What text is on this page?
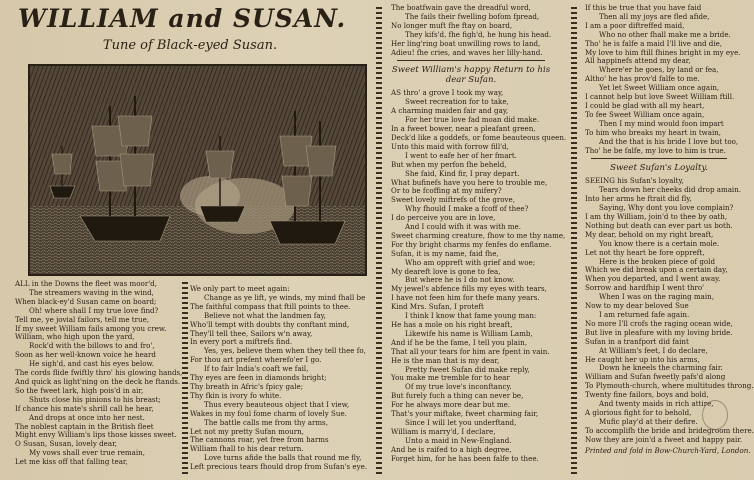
WILLIAM and SUSAN.
Tune of Black-eyed Susan.

ALL in the Downs the fleet was moor'd,

The streamers waving in the wind,

When black-ey'd Susan came on board;

Oh! where shall I my true love find?

Tell me, ye jovial failors, tell me true,

If my sweet William fails among you crew.

William, who high upon the yard,

Rock'd with the billows to and fro',

Soon as her well-known voice he heard

He sigh'd, and cast his eyes below.

The cords flide fwiftly thro' his glowing hands,

And quick as light'ning on the deck he ftands.

So the fweet lark, high pois'd in air,

Shuts close his pinions to his breast;

If chance his mate's shrill call he hear,

And drops at once into her nest.

The noblest captain in the British fleet

Might envy William's lips those kisses sweet.

O Susan, Susan, lovely dear,

My vows shall ever true remain,

Let me kiss off that falling tear,

We only part to meet again:

Change as ye lift, ye winds, my mind fhall be

The faithful compass that ftill points to thee.

Believe not what the landmen fay,

Who'll tempt with doubts thy conftant mind,

They'll tell thee, Sailors w'n away,

In every port a miftrefs find.

Yes, yes, believe them when they tell thee fo,

For thou art prefent wherefo'er I go.

If to fair India's coaft we fail,

Thy eyes are feen in diamonds bright;

Thy breath in Afric's fpicy gale;

Thy fkin is ivory fo white.

Thus every beauteous object that I view,

Wakes in my foul fome charm of lovely Sue.

The battle calls me from thy arms,

Let not my pretty Sufan mourn,

The cannons roar, yet free from harms

William fhall to his dear return.

Love turns afide the balls that round me fly,

Left precious tears fhould drop from Sufan's eye.

The boatfwain gave the dreadful word,

The fails their fwelling bofom fpread,

No longer muft fhe ftay on board,

They kifs'd, fhe figh'd, he hung his head.

Her ling'ring boat unwilling rows to land,

Adieu! fhe cries, and waves her lilly-hand.

Sweet William's happy Return to his dear Sufan.

AS thro' a grove I took my way,

Sweet recreation for to take,

A charming maiden fair and gay,

For her true love fad moan did make.

In a fweet bower, near a pleafant green,

Deck'd like a goddefs, or fome beauteous queen.

Unto this maid with forrow fill'd,

I went to eafe her of her fmart.

But when my perfon fhe beheld,

She faid, Kind fir, I pray depart.

What bufinefs have you here to trouble me,

Or to be fcoffing at my mifery?

Sweet lovely miftrefs of the grove,

Why fhould I make a fcoff of thee?

I do perceive you are in love,

And I could wifh it was with me.

Sweet charming creature, fhow to me thy name,

For thy bright charms my fenfes do enflame.

Sufan, it is my name, faid fhe,

Who am oppreft with grief and woe;

My deareft love is gone to fea,

But where he is I do not know.

My jewel's abfence fills my eyes with tears,

I have not feen him for thefe many years.

Kind Mrs. Sufan, I proteft

I think I know that fame young man:

He has a mole on his right breaft,

Likewife his name is William Lamb,

And if he be the fame, I tell you plain,

That all your tears for him are fpent in vain.

He is the man that is my dear,

Pretty fweet Sufan did make reply,

You make me tremble for to hear

Of my true love's inconftancy.

But furely fuch a thing can never be,

For he always more dear but me.

That's your miftake, fweet charming fair,

Since I will let you underftand,

William is marry'd, I declare,

Unto a maid in New-England.

And he is raifed to a high degree,

Forget him, for he has been falfe to thee.

If this be true that you have faid

Then all my joys are fled afide,

I am a poor diftreffed maid,

Who no other fhall make me a bride.

Tho' he is falfe a maid I'll live and die,

My love to him ftill fhines bright in my eye.

All happinefs attend my dear,

Where'er he goes, by land or fea,

Altho' he has prov'd falfe to me.

Yet let Sweet William once again,

I cannot help but love Sweet William ftill.

I could be glad with all my heart,

To fee Sweet William once again,

Then I my mind would foon impart

To him who breaks my heart in twain,

And the that is his bride I love but too,

Tho' he be falfe, my love to him is true.

Sweet Sufan's Loyalty.

SEEING his Sufan's loyalty,

Tears down her cheeks did drop amain.

Into her arms he ftrait did fly,

Saying, Why dont you love complain?

I am thy William, join'd to thee by oath,

Nothing but death can ever part us both.

My dear, behold on my right breaft,

You know there is a certain mole.

Let not thy heart be fore oppreft,

Here is the broken piece of gold

Which we did break upon a certain day,

When you departed, and I went away.

Sorrow and hardfhip I went thro'

When I was on the raging main,

Now to my dear beloved Sue

I am returned fafe again.

No more I'll crofs the raging ocean wide,

But live in pleafure with my loving bride.

Sufan in a tranfport did faint

At William's feet, I do declare,

He caught her up into his arms,

Down he kneels the charming fair.

William and Sufan fweetly pafs'd along

To Plymouth-church, where multitudes throng.

Twenty fine failors, boys and bold,

And twenty maids in rich attire,

A glorious fight for to behold,

Mufic play'd at their defire.

To accomplifh the bride and bridegroom there.

Now they are join'd a fweet and happy pair.

Printed and fold in Bow-Church-Yard, London.
